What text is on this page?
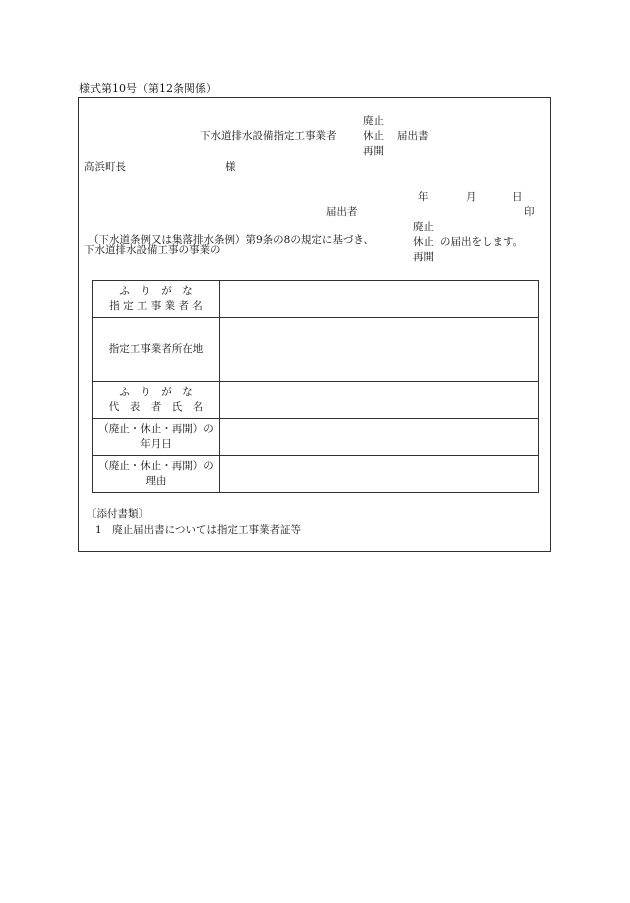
様式第10号（第12条関係）
下水道排水設備指定工事業者
廃止
休止
再開
届出書
高浜町長	様
年	月	日
届出者	印
（下水道条例又は集落排水条例）第9条の8の規定に基づき、
下水道排水設備工事の事業の
廃止
休止
再開
の届出をします。
ふ　り　が　な
指 定 工 事 業 者 名	

指定工事業者所在地	

ふ　り　が　な
代　表　者　氏　名	

（廃止・休止・再開）の
年月日	

（廃止・休止・再開）の
理由	

〔添付書類〕
1　廃止届出書については指定工事業者証等
